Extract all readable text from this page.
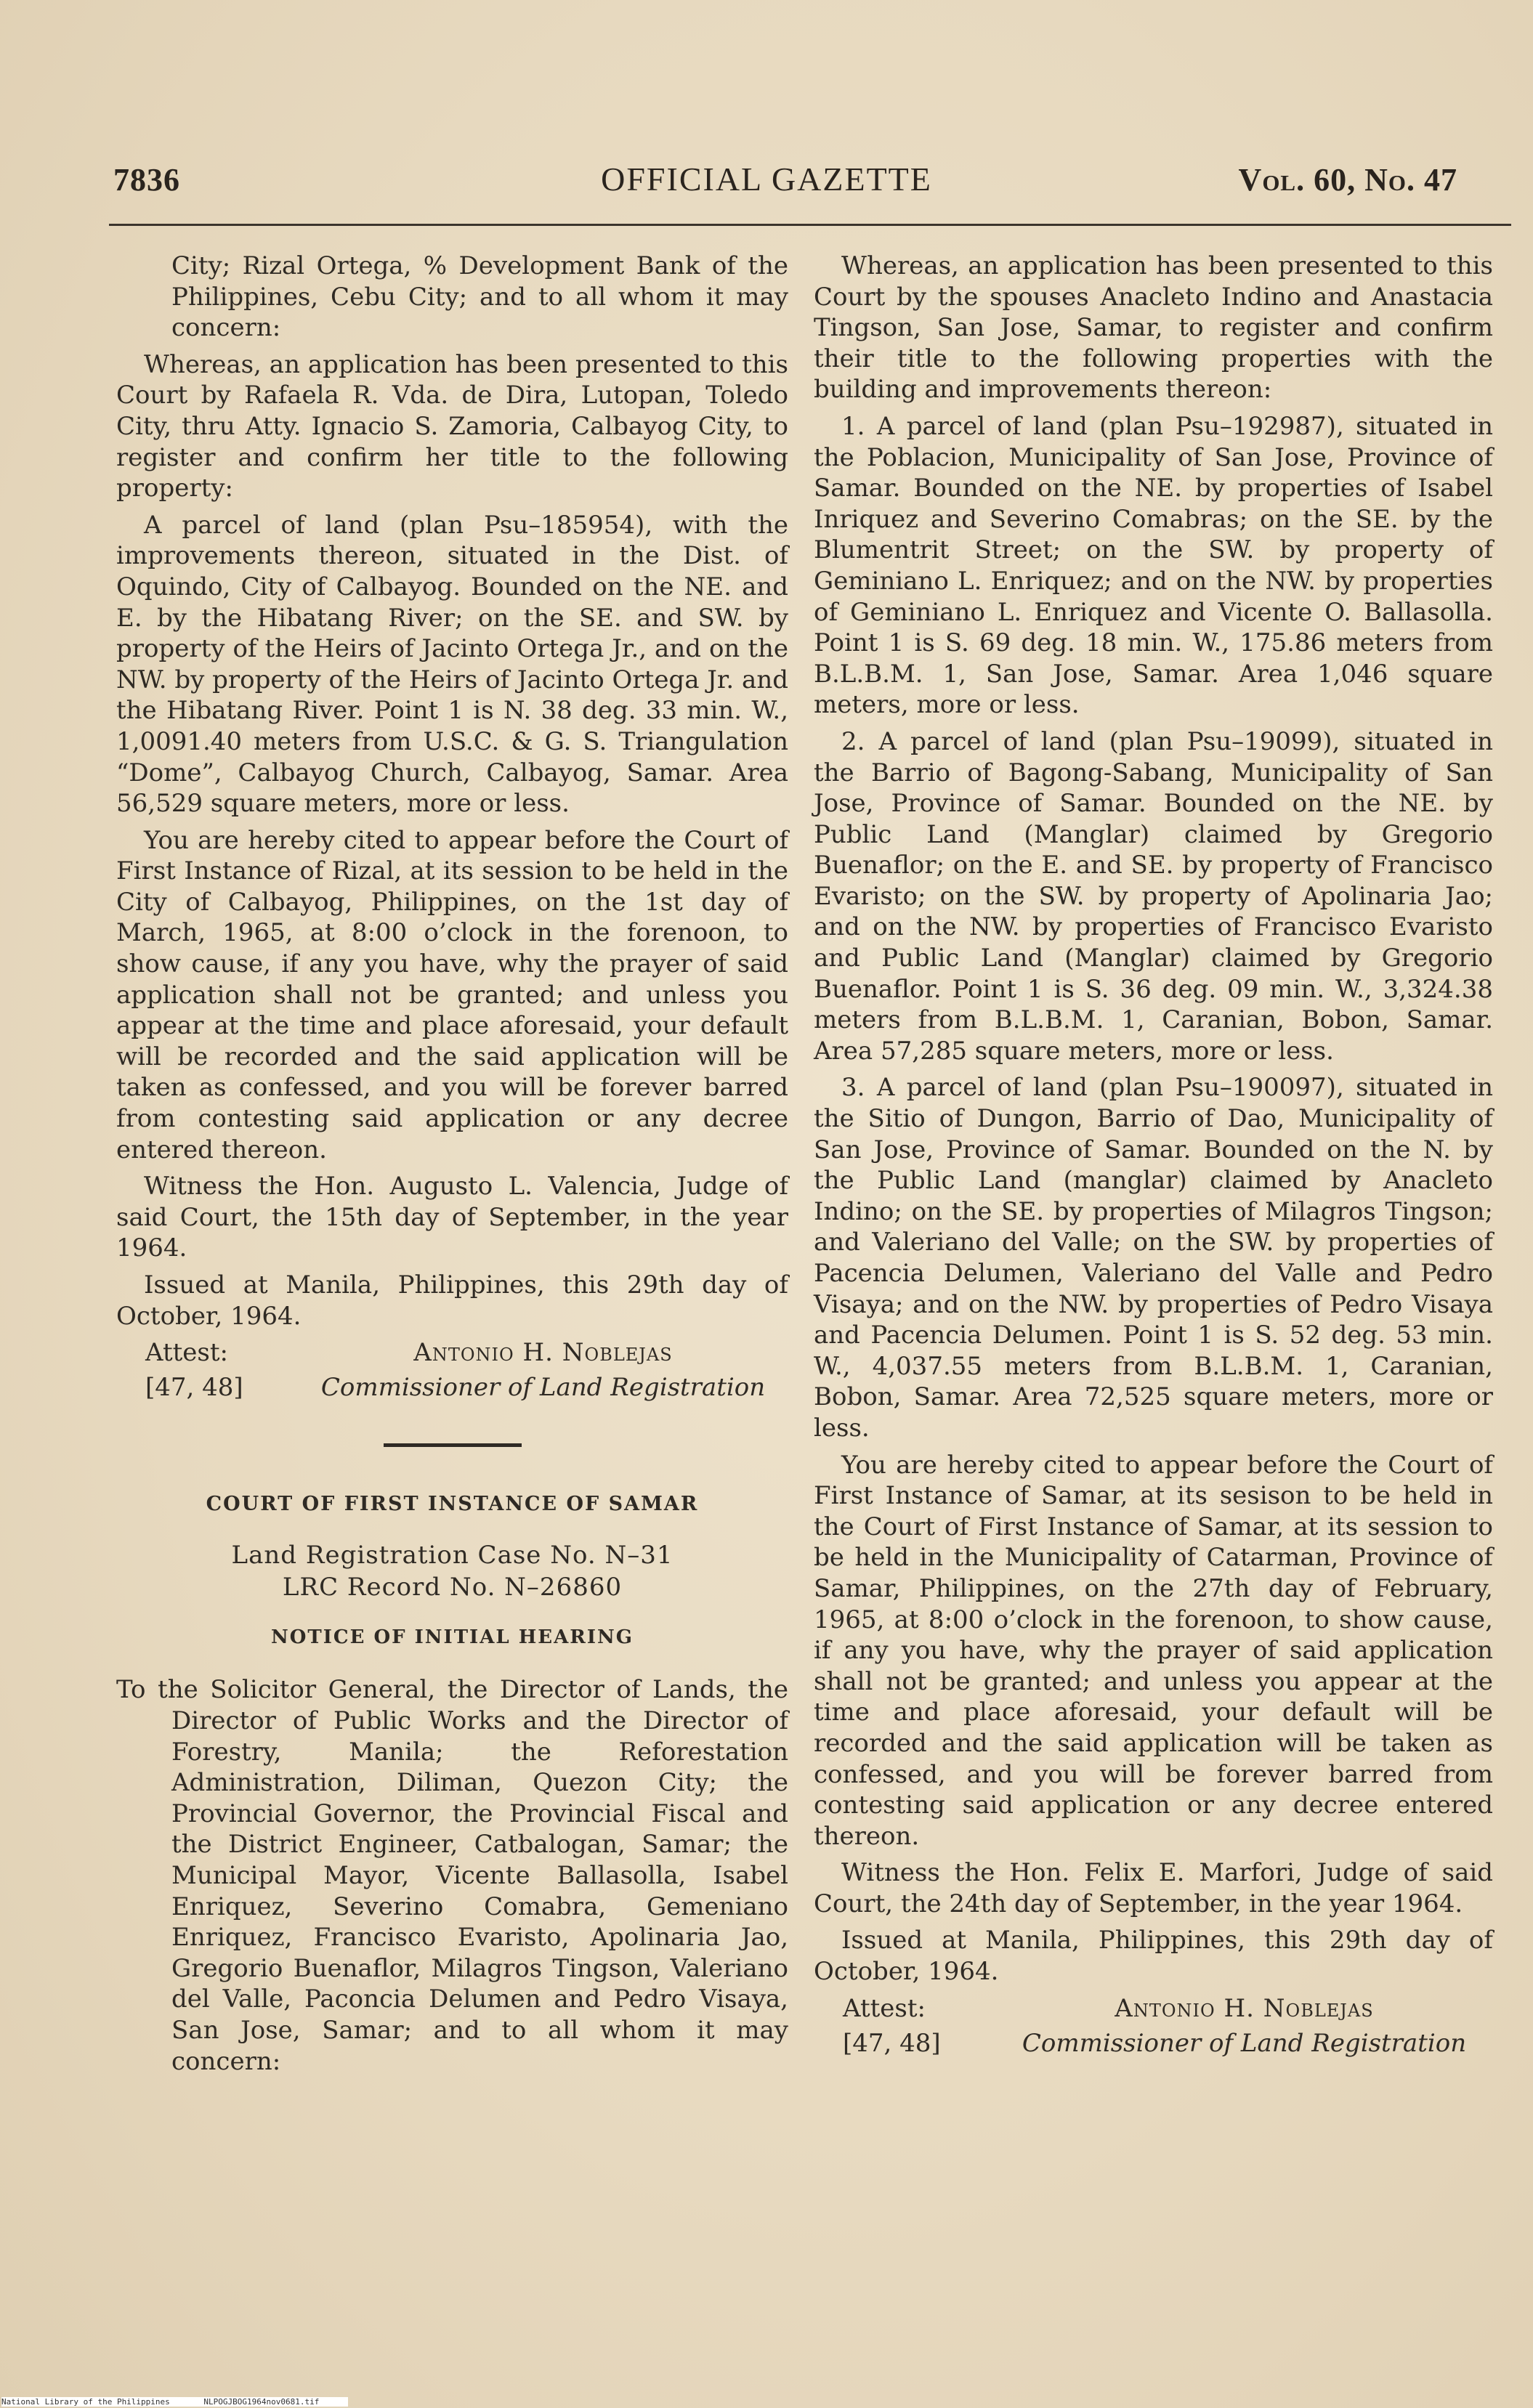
7836	OFFICIAL GAZETTE	Vol. 60, No. 47

City; Rizal Ortega, % Development Bank of the Philippines, Cebu City; and to all whom it may concern:

Whereas, an application has been presented to this Court by Rafaela R. Vda. de Dira, Lutopan, Toledo City, thru Atty. Ignacio S. Zamoria, Calbayog City, to register and confirm her title to the following property:

A parcel of land (plan Psu–185954), with the improvements thereon, situated in the Dist. of Oquindo, City of Calbayog. Bounded on the NE. and E. by the Hibatang River; on the SE. and SW. by property of the Heirs of Jacinto Ortega Jr., and on the NW. by property of the Heirs of Jacinto Ortega Jr. and the Hibatang River. Point 1 is N. 38 deg. 33 min. W., 1,0091.40 meters from U.S.C. & G. S. Triangulation “Dome”, Calbayog Church, Calbayog, Samar. Area 56,529 square meters, more or less.

You are hereby cited to appear before the Court of First Instance of Rizal, at its session to be held in the City of Calbayog, Philippines, on the 1st day of March, 1965, at 8:00 o’clock in the forenoon, to show cause, if any you have, why the prayer of said application shall not be granted; and unless you appear at the time and place aforesaid, your default will be recorded and the said application will be taken as confessed, and you will be forever barred from contesting said application or any decree entered thereon.

Witness the Hon. Augusto L. Valencia, Judge of said Court, the 15th day of September, in the year 1964.

Issued at Manila, Philippines, this 29th day of October, 1964.

Attest:	Antonio H. Noblejas
[47, 48]	Commissioner of Land Registration
COURT OF FIRST INSTANCE OF SAMAR
Land Registration Case No. N–31
LRC Record No. N–26860
NOTICE OF INITIAL HEARING

To the Solicitor General, the Director of Lands, the Director of Public Works and the Director of Forestry, Manila; the Reforestation Administration, Diliman, Quezon City; the Provincial Governor, the Provincial Fiscal and the District Engineer, Catbalogan, Samar; the Municipal Mayor, Vicente Ballasolla, Isabel Enriquez, Severino Comabra, Gemeniano Enriquez, Francisco Evaristo, Apolinaria Jao, Gregorio Buenaflor, Milagros Tingson, Valeriano del Valle, Paconcia Delumen and Pedro Visaya, San Jose, Samar; and to all whom it may concern:

Whereas, an application has been presented to this Court by the spouses Anacleto Indino and Anastacia Tingson, San Jose, Samar, to register and confirm their title to the following properties with the building and improvements thereon:

1. A parcel of land (plan Psu–192987), situated in the Poblacion, Municipality of San Jose, Province of Samar. Bounded on the NE. by properties of Isabel Inriquez and Severino Comabras; on the SE. by the Blumentrit Street; on the SW. by property of Geminiano L. Enriquez; and on the NW. by properties of Geminiano L. Enriquez and Vicente O. Ballasolla. Point 1 is S. 69 deg. 18 min. W., 175.86 meters from B.L.B.M. 1, San Jose, Samar. Area 1,046 square meters, more or less.

2. A parcel of land (plan Psu–19099), situated in the Barrio of Bagong-Sabang, Municipality of San Jose, Province of Samar. Bounded on the NE. by Public Land (Manglar) claimed by Gregorio Buenaflor; on the E. and SE. by property of Francisco Evaristo; on the SW. by property of Apolinaria Jao; and on the NW. by properties of Francisco Evaristo and Public Land (Manglar) claimed by Gregorio Buenaflor. Point 1 is S. 36 deg. 09 min. W., 3,324.38 meters from B.L.B.M. 1, Caranian, Bobon, Samar. Area 57,285 square meters, more or less.

3. A parcel of land (plan Psu–190097), situated in the Sitio of Dungon, Barrio of Dao, Municipality of San Jose, Province of Samar. Bounded on the N. by the Public Land (manglar) claimed by Anacleto Indino; on the SE. by properties of Milagros Tingson; and Valeriano del Valle; on the SW. by properties of Pacencia Delumen, Valeriano del Valle and Pedro Visaya; and on the NW. by properties of Pedro Visaya and Pacencia Delumen. Point 1 is S. 52 deg. 53 min. W., 4,037.55 meters from B.L.B.M. 1, Caranian, Bobon, Samar. Area 72,525 square meters, more or less.

You are hereby cited to appear before the Court of First Instance of Samar, at its sesison to be held in the Court of First Instance of Samar, at its session to be held in the Municipality of Catarman, Province of Samar, Philippines, on the 27th day of February, 1965, at 8:00 o’clock in the forenoon, to show cause, if any you have, why the prayer of said application shall not be granted; and unless you appear at the time and place aforesaid, your default will be recorded and the said application will be taken as confessed, and you will be forever barred from contesting said application or any decree entered thereon.

Witness the Hon. Felix E. Marfori, Judge of said Court, the 24th day of September, in the year 1964.

Issued at Manila, Philippines, this 29th day of October, 1964.

Attest:	Antonio H. Noblejas
[47, 48]	Commissioner of Land Registration
National Library of the Philippines	NLPOGJBOG1964nov0681.tif
